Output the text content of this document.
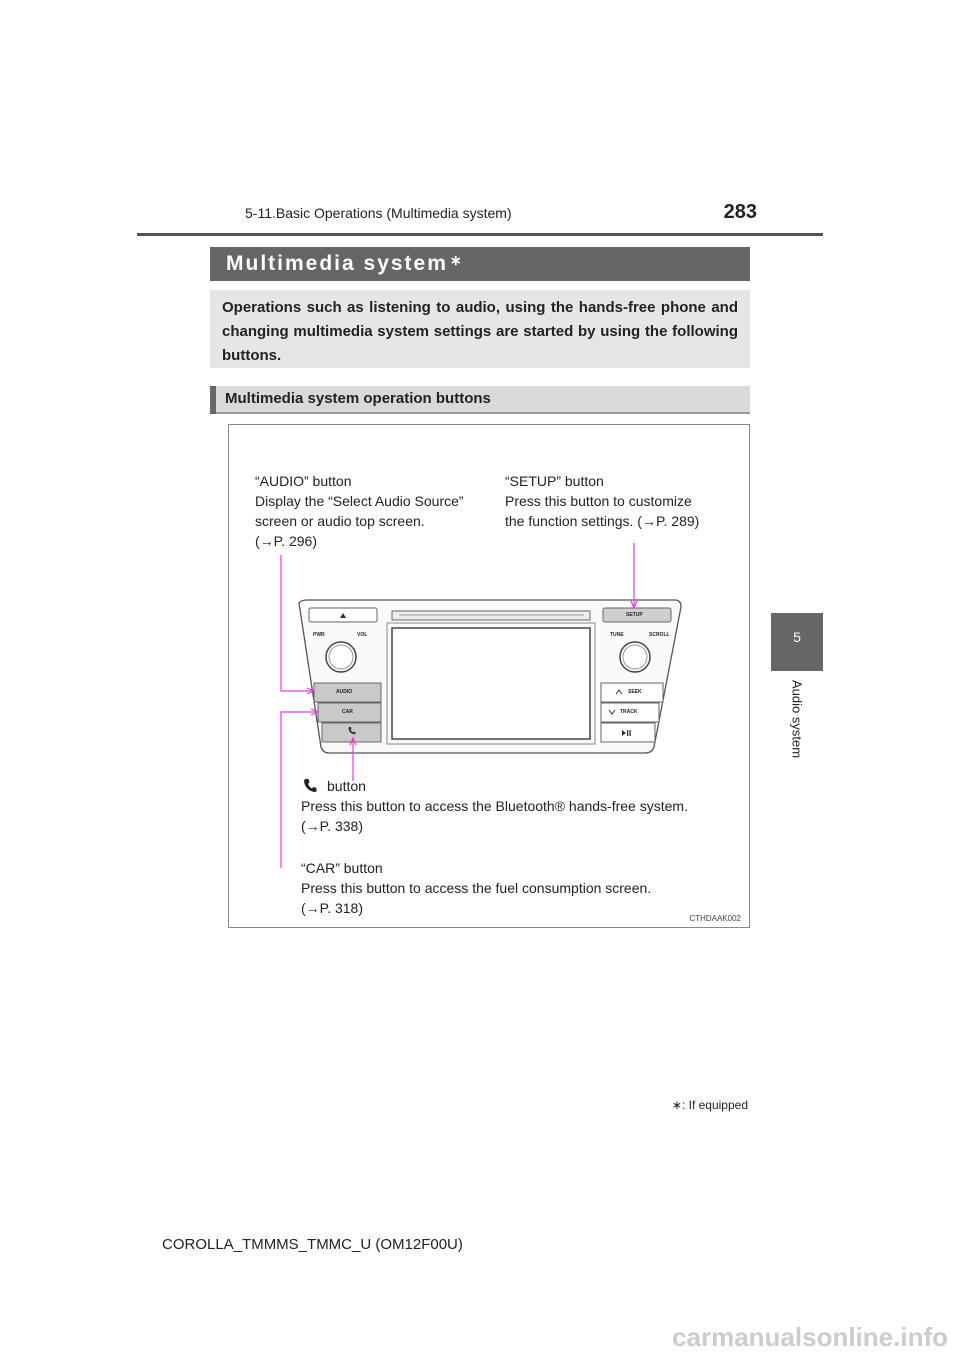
5-11.Basic Operations (Multimedia system)	283
5
Audio system
Multimedia system ∗

Operations such as listening to audio, using the hands-free phone and changing multimedia system settings are started by using the following buttons.

Multimedia system operation buttons
“AUDIO” button
Display the “Select Audio Source”
screen or audio top screen.
(→P. 296)
“SETUP” button
Press this button to customize
the function settings. (→P. 289)
button
Press this button to access the Bluetooth® hands-free system.
(→P. 338)
“CAR” button
Press this button to access the fuel consumption screen.
(→P. 318)
CTHDAAK002
PWR	VOL	TUNE	SCROLL
SETUP
AUDIO
CAR
SEEK
TRACK
∗: If equipped
COROLLA_TMMMS_TMMC_U (OM12F00U)
carmanualsonline.info
